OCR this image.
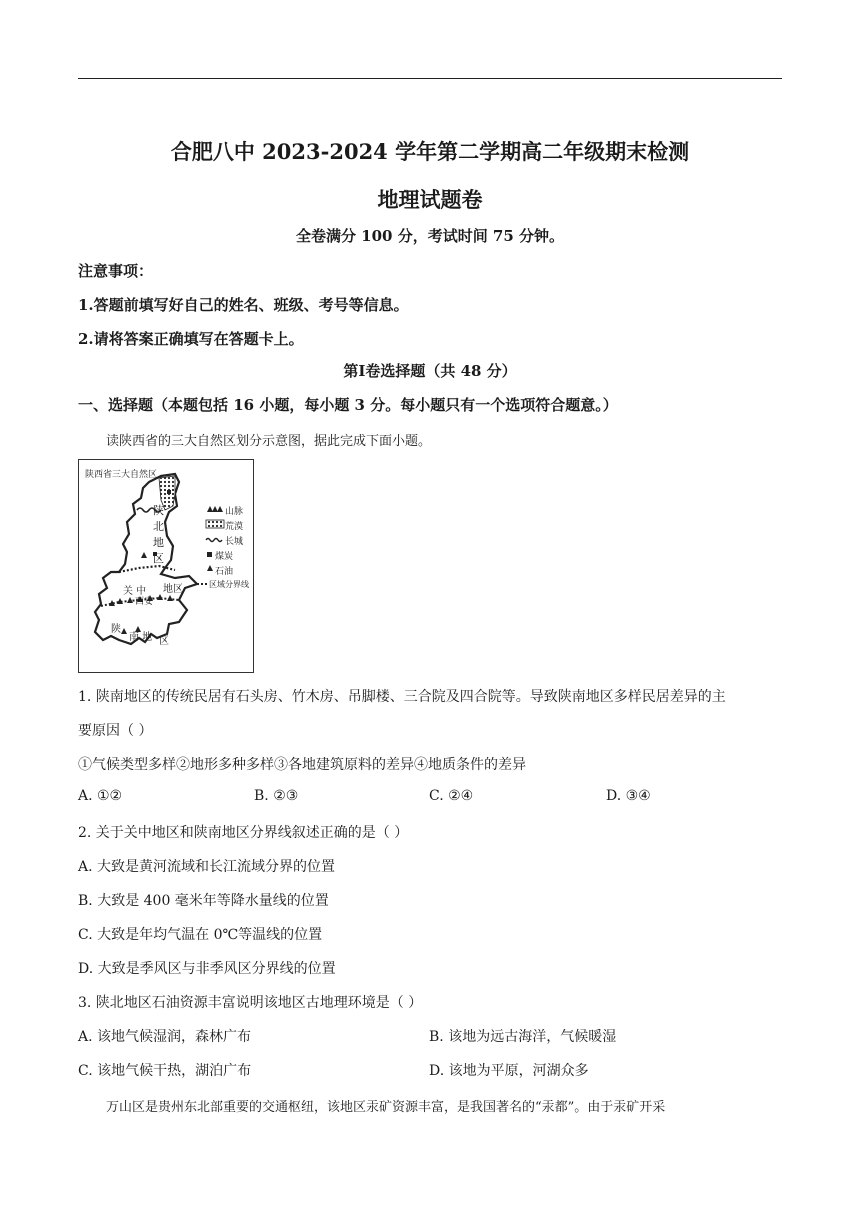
合肥八中 2023-2024 学年第二学期高二年级期末检测
地理试题卷
全卷满分 100 分，考试时间 75 分钟。
注意事项：
1.答题前填写好自己的姓名、班级、考号等信息。
2.请将答案正确填写在答题卡上。
第Ⅰ卷选择题（共 48 分）
一、选择题（本题包括 16 小题，每小题 3 分。每小题只有一个选项符合题意。）
读陕西省的三大自然区划分示意图，据此完成下面小题。
陕西省三大自然区
陕
北
地
区
关 中 地区
西安
陕
南 地 区
山脉
荒漠
长城
煤炭
石油
区域分界线
1. 陕南地区的传统民居有石头房、竹木房、吊脚楼、三合院及四合院等。导致陕南地区多样民居差异的主
要原因（ ）
①气候类型多样②地形多种多样③各地建筑原料的差异④地质条件的差异
A. ①②	B. ②③	C. ②④	D. ③④
2. 关于关中地区和陕南地区分界线叙述正确的是（ ）
A. 大致是黄河流域和长江流域分界的位置
B. 大致是 400 毫米年等降水量线的位置
C. 大致是年均气温在 0℃等温线的位置
D. 大致是季风区与非季风区分界线的位置
3. 陕北地区石油资源丰富说明该地区古地理环境是（ ）
A. 该地气候湿润，森林广布	B. 该地为远古海洋，气候暖湿
C. 该地气候干热，湖泊广布	D. 该地为平原，河湖众多
万山区是贵州东北部重要的交通枢纽，该地区汞矿资源丰富，是我国著名的“汞都”。由于汞矿开采
